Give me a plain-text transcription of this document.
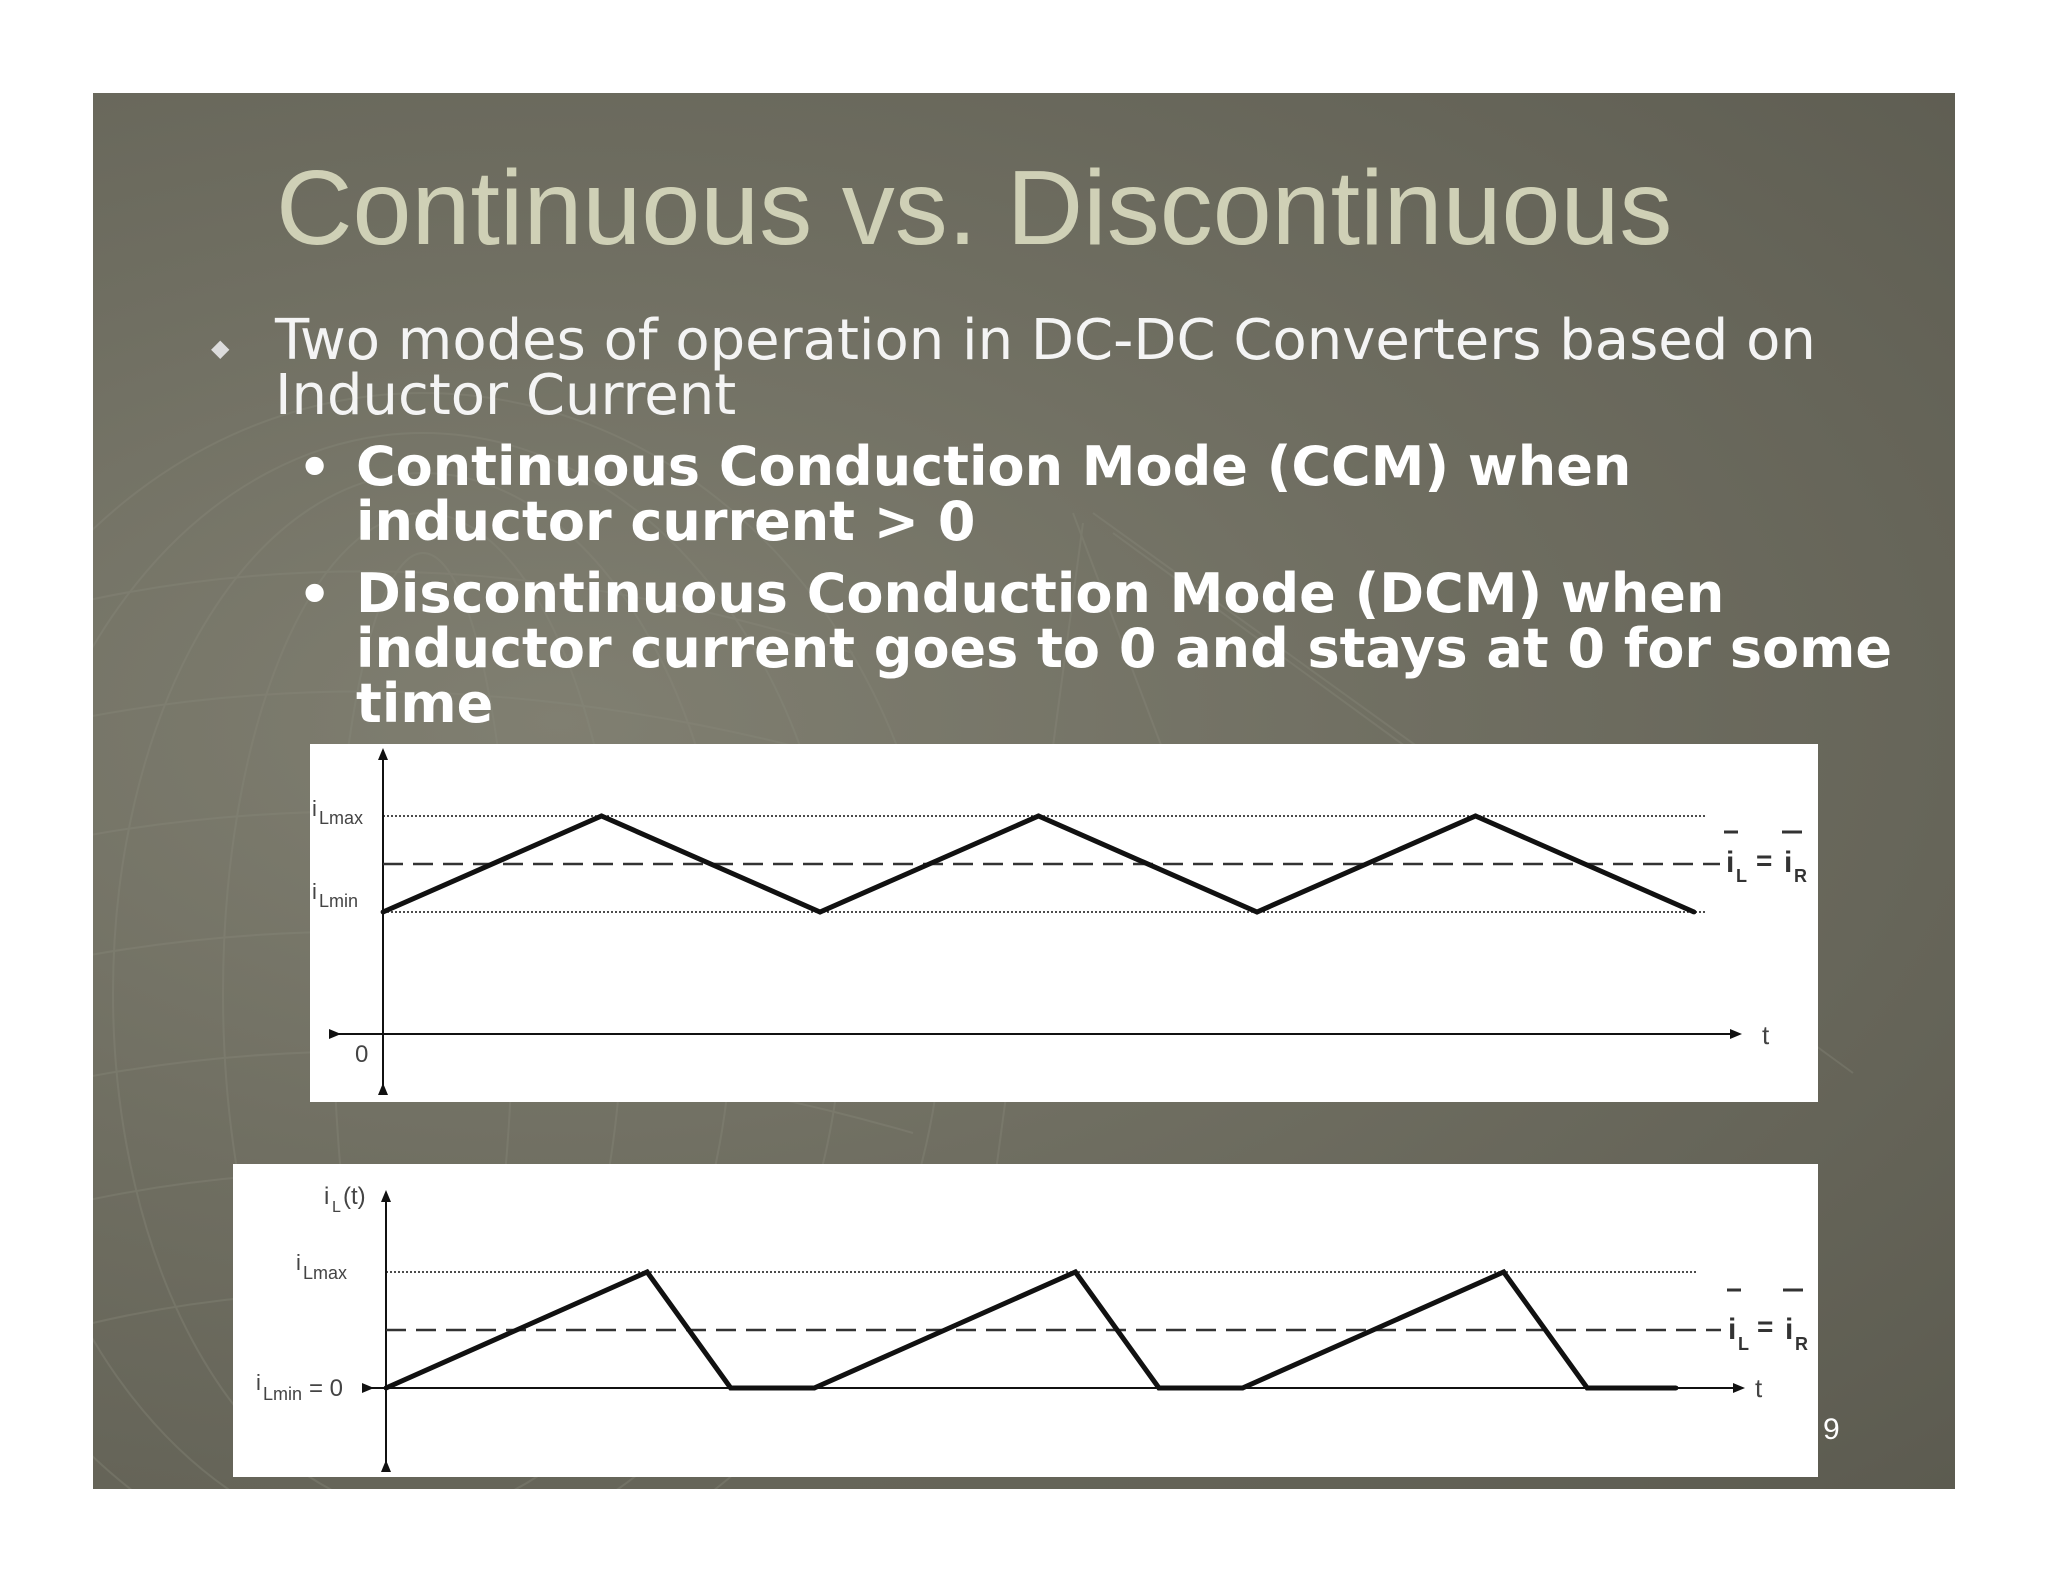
Continuous vs. Discontinuous
◆ Two modes of operation in DC-DC Converters based on Inductor Current

• Continuous Conduction Mode (CCM) when inductor current > 0

• Discontinuous Conduction Mode (DCM) when inductor current goes to 0 and stays at 0 for some time

i Lmax
i Lmin
0
t
i L = i R
i L (t)
i Lmax
i Lmin = 0	t
i L
= i R
9
